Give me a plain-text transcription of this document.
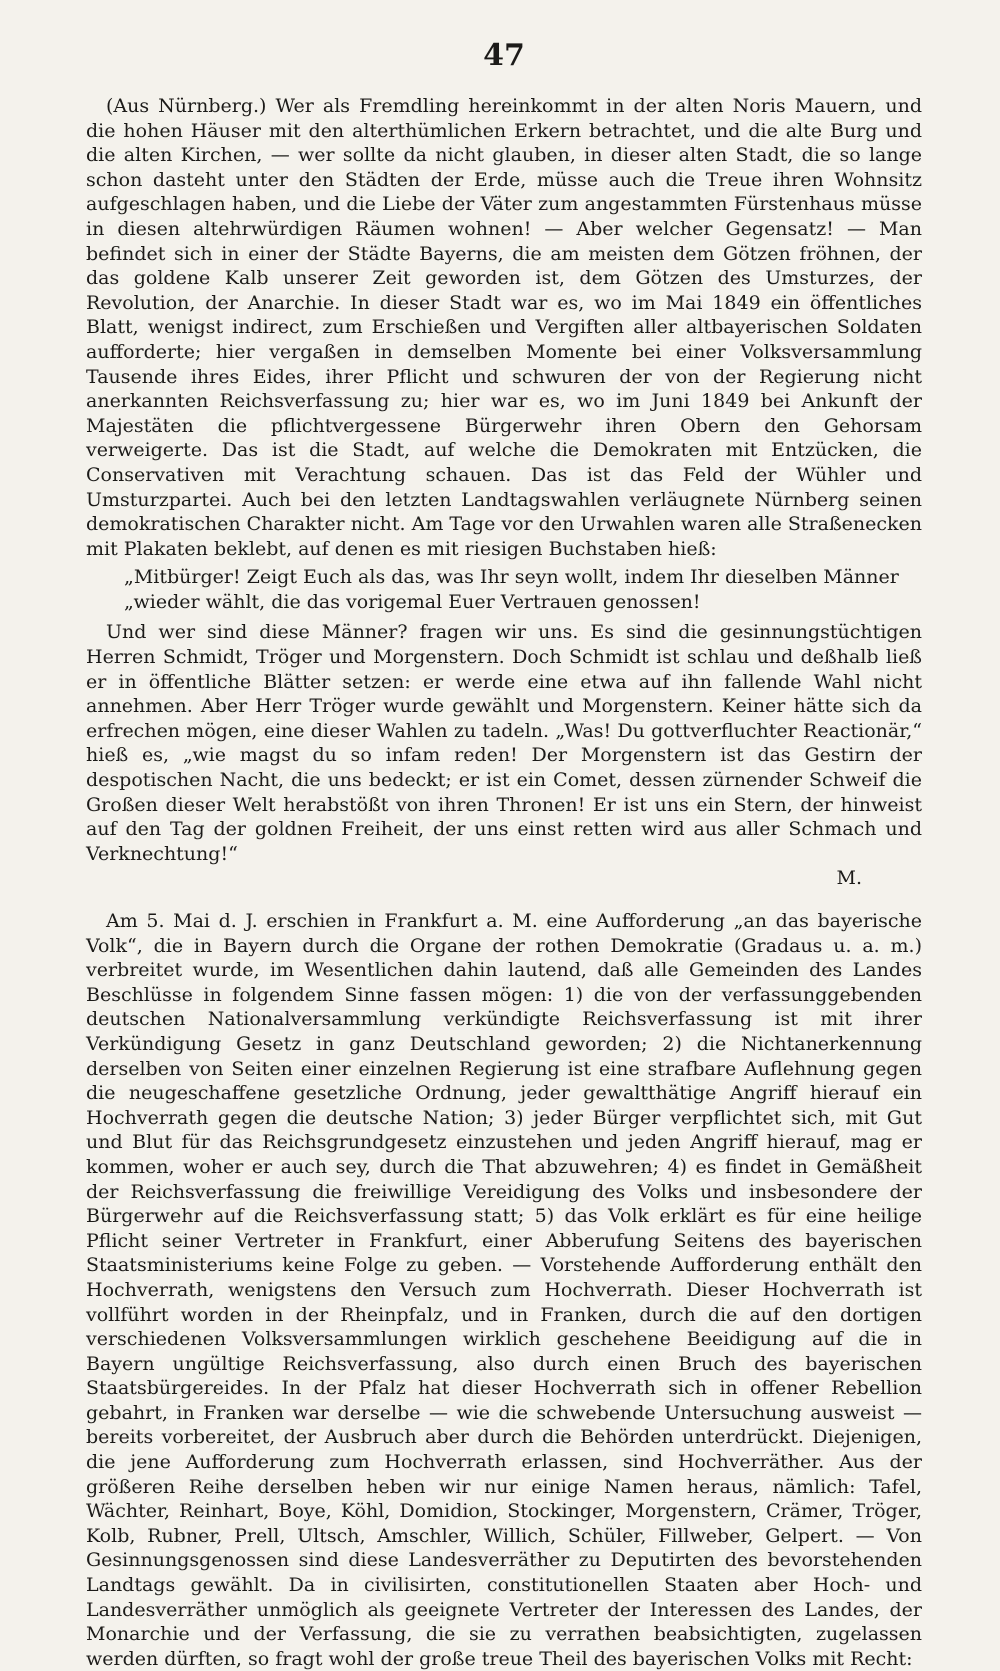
47

(Aus Nürnberg.) Wer als Fremdling hereinkommt in der alten Noris Mauern, und die hohen Häuser mit den alterthümlichen Erkern betrachtet, und die alte Burg und die alten Kirchen, — wer sollte da nicht glauben, in dieser alten Stadt, die so lange schon dasteht unter den Städten der Erde, müsse auch die Treue ihren Wohnsitz aufgeschlagen haben, und die Liebe der Väter zum angestammten Fürstenhaus müsse in diesen altehrwürdigen Räumen wohnen! — Aber welcher Gegensatz! — Man befindet sich in einer der Städte Bayerns, die am meisten dem Götzen fröhnen, der das goldene Kalb unserer Zeit geworden ist, dem Götzen des Umsturzes, der Revolution, der Anarchie. In dieser Stadt war es, wo im Mai 1849 ein öffentliches Blatt, wenigst indirect, zum Erschießen und Vergiften aller altbayerischen Soldaten aufforderte; hier vergaßen in demselben Momente bei einer Volksversammlung Tausende ihres Eides, ihrer Pflicht und schwuren der von der Regierung nicht anerkannten Reichsverfassung zu; hier war es, wo im Juni 1849 bei Ankunft der Majestäten die pflichtvergessene Bürgerwehr ihren Obern den Gehorsam verweigerte. Das ist die Stadt, auf welche die Demokraten mit Entzücken, die Conservativen mit Verachtung schauen. Das ist das Feld der Wühler und Umsturzpartei. Auch bei den letzten Landtagswahlen verläugnete Nürnberg seinen demokratischen Charakter nicht. Am Tage vor den Urwahlen waren alle Straßenecken mit Plakaten beklebt, auf denen es mit riesigen Buchstaben hieß:

„Mitbürger! Zeigt Euch als das, was Ihr seyn wollt, indem Ihr dieselben Männer
„wieder wählt, die das vorigemal Euer Vertrauen genossen!

Und wer sind diese Männer? fragen wir uns. Es sind die gesinnungstüchtigen Herren Schmidt, Tröger und Morgenstern. Doch Schmidt ist schlau und deßhalb ließ er in öffentliche Blätter setzen: er werde eine etwa auf ihn fallende Wahl nicht annehmen. Aber Herr Tröger wurde gewählt und Morgenstern. Keiner hätte sich da erfrechen mögen, eine dieser Wahlen zu tadeln. „Was! Du gottverfluchter Reactionär,“ hieß es, „wie magst du so infam reden! Der Morgenstern ist das Gestirn der despotischen Nacht, die uns bedeckt; er ist ein Comet, dessen zürnender Schweif die Großen dieser Welt herabstößt von ihren Thronen! Er ist uns ein Stern, der hinweist auf den Tag der goldnen Freiheit, der uns einst retten wird aus aller Schmach und Verknechtung!“

M.

Am 5. Mai d. J. erschien in Frankfurt a. M. eine Aufforderung „an das bayerische Volk“, die in Bayern durch die Organe der rothen Demokratie (Gradaus u. a. m.) verbreitet wurde, im Wesentlichen dahin lautend, daß alle Gemeinden des Landes Beschlüsse in folgendem Sinne fassen mögen: 1) die von der verfassunggebenden deutschen Nationalversammlung verkündigte Reichsverfassung ist mit ihrer Verkündigung Gesetz in ganz Deutschland geworden; 2) die Nichtanerkennung derselben von Seiten einer einzelnen Regierung ist eine strafbare Auflehnung gegen die neugeschaffene gesetzliche Ordnung, jeder gewaltthätige Angriff hierauf ein Hochverrath gegen die deutsche Nation; 3) jeder Bürger verpflichtet sich, mit Gut und Blut für das Reichsgrundgesetz einzustehen und jeden Angriff hierauf, mag er kommen, woher er auch sey, durch die That abzuwehren; 4) es findet in Gemäßheit der Reichsverfassung die freiwillige Vereidigung des Volks und insbesondere der Bürgerwehr auf die Reichsverfassung statt; 5) das Volk erklärt es für eine heilige Pflicht seiner Vertreter in Frankfurt, einer Abberufung Seitens des bayerischen Staatsministeriums keine Folge zu geben. — Vorstehende Aufforderung enthält den Hochverrath, wenigstens den Versuch zum Hochverrath. Dieser Hochverrath ist vollführt worden in der Rheinpfalz, und in Franken, durch die auf den dortigen verschiedenen Volksversammlungen wirklich geschehene Beeidigung auf die in Bayern ungültige Reichsverfassung, also durch einen Bruch des bayerischen Staatsbürgereides. In der Pfalz hat dieser Hochverrath sich in offener Rebellion gebahrt, in Franken war derselbe — wie die schwebende Untersuchung ausweist — bereits vorbereitet, der Ausbruch aber durch die Behörden unterdrückt. Diejenigen, die jene Aufforderung zum Hochverrath erlassen, sind Hochverräther. Aus der größeren Reihe derselben heben wir nur einige Namen heraus, nämlich: Tafel, Wächter, Reinhart, Boye, Köhl, Domidion, Stockinger, Morgenstern, Crämer, Tröger, Kolb, Rubner, Prell, Ultsch, Amschler, Willich, Schüler, Fillweber, Gelpert. — Von Gesinnungsgenossen sind diese Landesverräther zu Deputirten des bevorstehenden Landtags gewählt. Da in civilisirten, constitutionellen Staaten aber Hoch- und Landesverräther unmöglich als geeignete Vertreter der Interessen des Landes, der Monarchie und der Verfassung, die sie zu verrathen beabsichtigten, zugelassen werden dürften, so fragt wohl der große treue Theil des bayerischen Volks mit Recht:
